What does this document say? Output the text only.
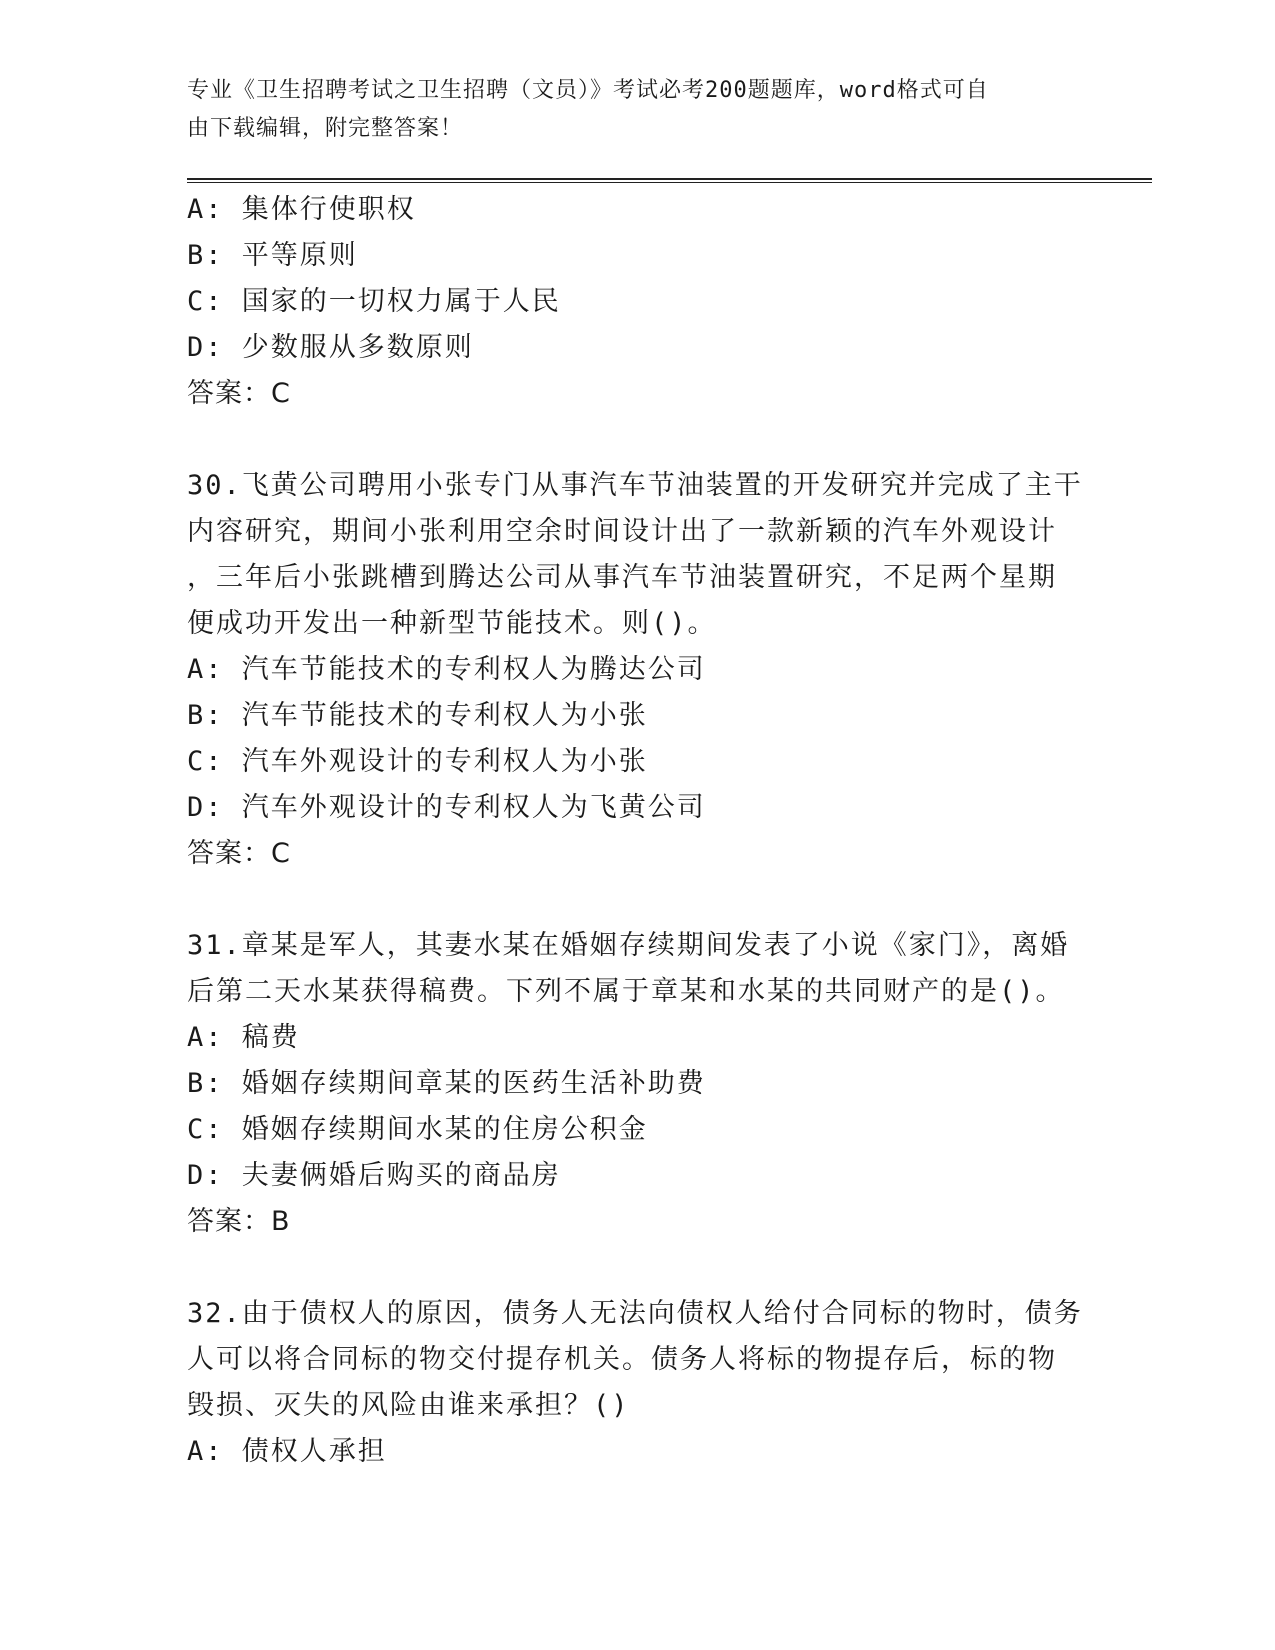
专业《卫生招聘考试之卫生招聘（文员）》考试必考200题题库，word格式可自
由下载编辑，附完整答案！
A: 集体行使职权
B: 平等原则
C: 国家的一切权力属于人民
D: 少数服从多数原则
答案：C
30.飞黄公司聘用小张专门从事汽车节油装置的开发研究并完成了主干
内容研究，期间小张利用空余时间设计出了一款新颖的汽车外观设计
，三年后小张跳槽到腾达公司从事汽车节油装置研究，不足两个星期
便成功开发出一种新型节能技术。则()。
A: 汽车节能技术的专利权人为腾达公司
B: 汽车节能技术的专利权人为小张
C: 汽车外观设计的专利权人为小张
D: 汽车外观设计的专利权人为飞黄公司
答案：C
31.章某是军人，其妻水某在婚姻存续期间发表了小说《家门》，离婚
后第二天水某获得稿费。下列不属于章某和水某的共同财产的是()。
A: 稿费
B: 婚姻存续期间章某的医药生活补助费
C: 婚姻存续期间水某的住房公积金
D: 夫妻俩婚后购买的商品房
答案：B
32.由于债权人的原因，债务人无法向债权人给付合同标的物时，债务
人可以将合同标的物交付提存机关。债务人将标的物提存后，标的物
毁损、灭失的风险由谁来承担？()
A: 债权人承担
